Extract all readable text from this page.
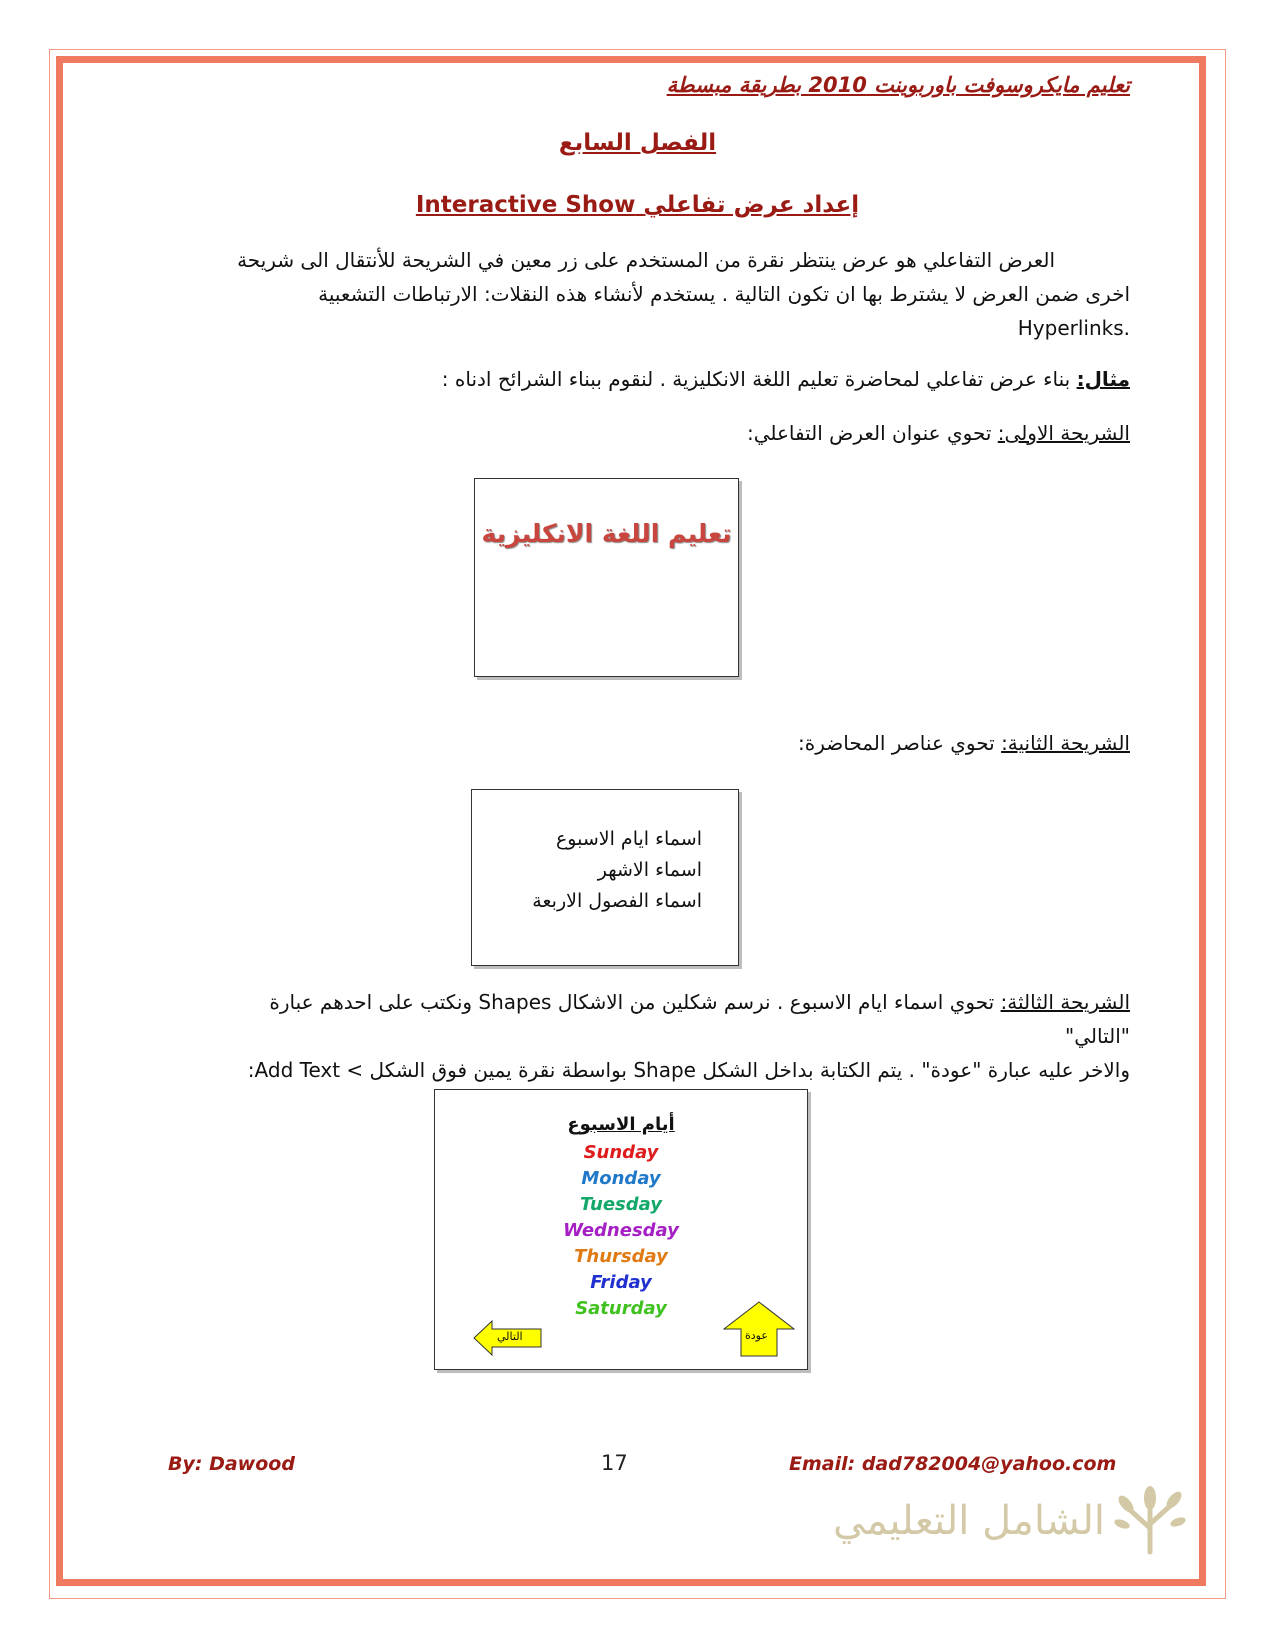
تعليم مايكروسوفت باوربوينت 2010 بطريقة مبسطة
الفصل السابع
إعداد عرض تفاعلي Interactive Show
العرض التفاعلي هو عرض ينتظر نقرة من المستخدم على زر معين في الشريحة للأنتقال الى شريحة
اخرى ضمن العرض لا يشترط بها ان تكون التالية . يستخدم لأنشاء هذه النقلات: الارتباطات التشعبية
.Hyperlinks
مثال: بناء عرض تفاعلي لمحاضرة تعليم اللغة الانكليزية . لنقوم ببناء الشرائح ادناه :
الشريحة الاولى: تحوي عنوان العرض التفاعلي:
تعليم اللغة الانكليزية
الشريحة الثانية: تحوي عناصر المحاضرة:
اسماء ايام الاسبوع
اسماء الاشهر
اسماء الفصول الاربعة
الشريحة الثالثة: تحوي اسماء ايام الاسبوع . نرسم شكلين من الاشكال Shapes ونكتب على احدهم عبارة "التالي"
والاخر عليه عبارة "عودة" . يتم الكتابة بداخل الشكل Shape بواسطة نقرة يمين فوق الشكل > Add Text:
أيام الاسبوع
Sunday
Monday
Tuesday
Wednesday
Thursday
Friday
Saturday
التالي	عودة
By: Dawood	17	Email: dad782004@yahoo.com
الشامل التعليمي
